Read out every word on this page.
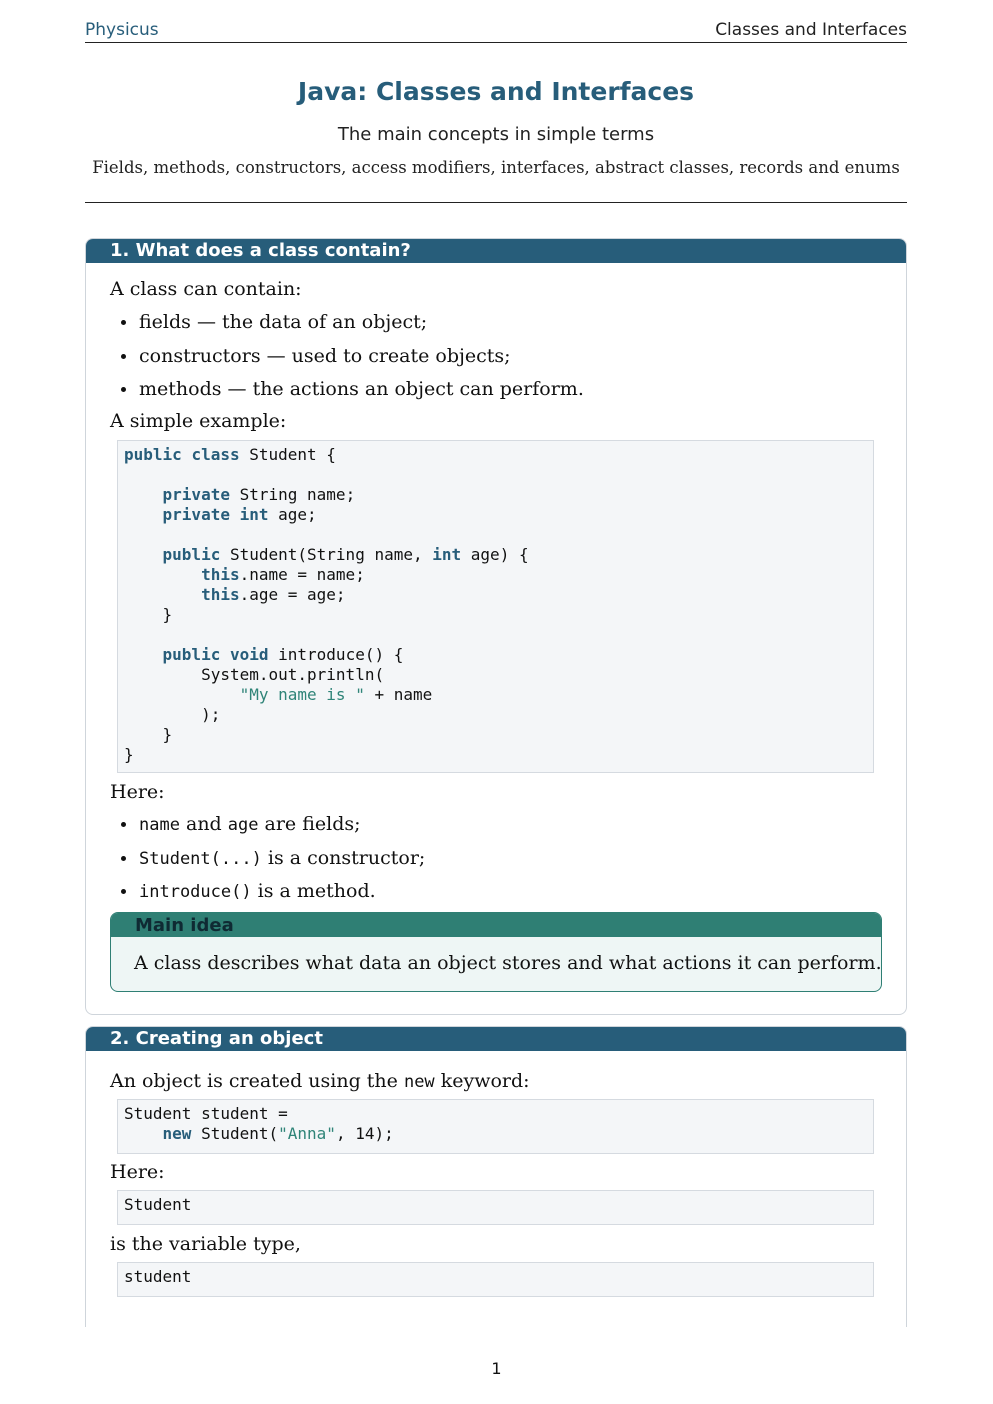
Physicus	Classes and Interfaces
Java: Classes and Interfaces
The main concepts in simple terms
Fields, methods, constructors, access modifiers, interfaces, abstract classes, records and enums
1. What does a class contain?
A class can contain:
fields — the data of an object;
constructors — used to create objects;
methods — the actions an object can perform.
A simple example:
public class Student {
private String name;
private int age;
public Student(String name, int age) {
this.name = name;
this.age = age;
}
public void introduce() {
System.out.println(
"My name is " + name
);
}
}
Here:
name and age are fields;
Student(...) is a constructor;
introduce() is a method.
Main idea
A class describes what data an object stores and what actions it can perform.
2. Creating an object
An object is created using the new keyword:
Student student =
new Student("Anna", 14);
Here:
Student
is the variable type,
student
1
